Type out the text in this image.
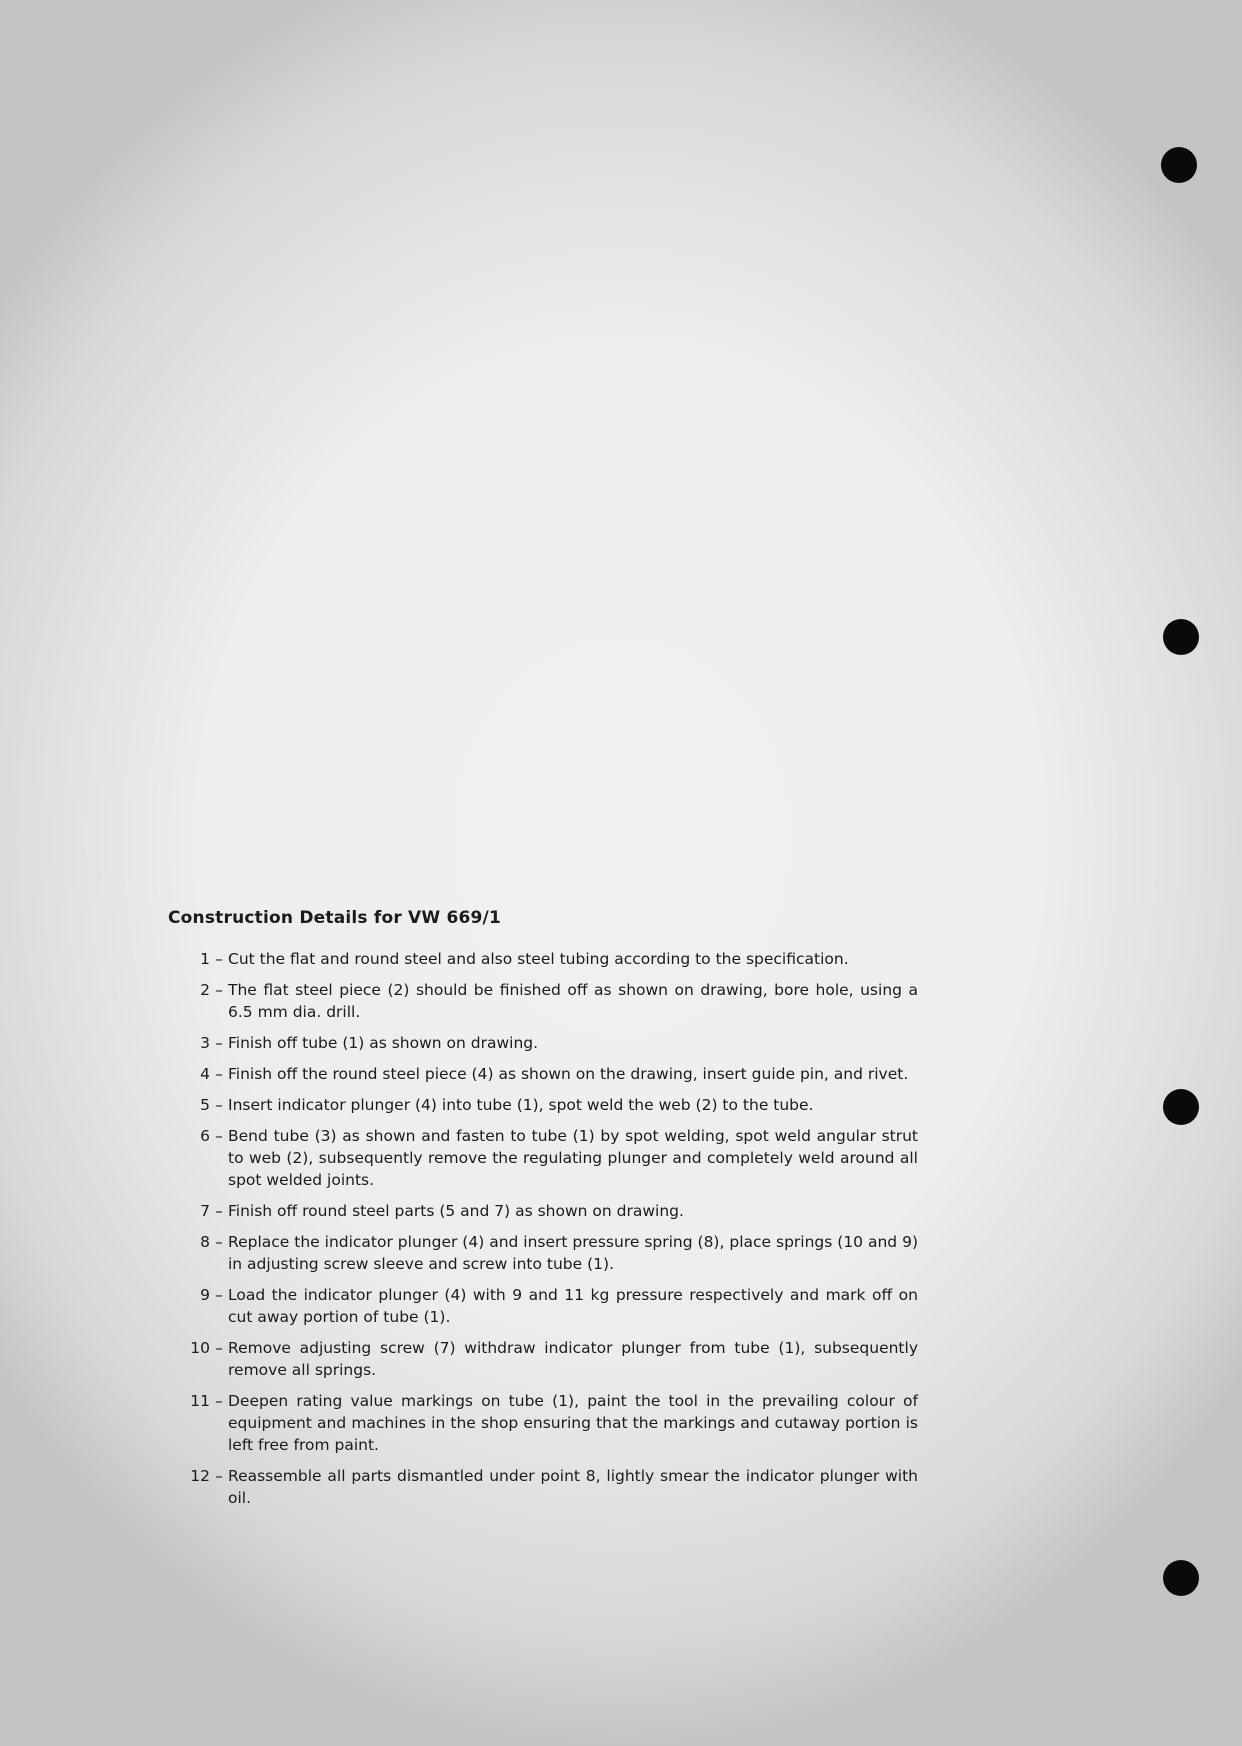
Construction Details for VW 669/1
1 – Cut the flat and round steel and also steel tubing according to the specification.
2 – The flat steel piece (2) should be finished off as shown on drawing, bore hole, using a 6.5 mm dia. drill.
3 – Finish off tube (1) as shown on drawing.
4 – Finish off the round steel piece (4) as shown on the drawing, insert guide pin, and rivet.
5 – Insert indicator plunger (4) into tube (1), spot weld the web (2) to the tube.
6 – Bend tube (3) as shown and fasten to tube (1) by spot welding, spot weld angular strut to web (2), subsequently remove the regulating plunger and completely weld around all spot welded joints.
7 – Finish off round steel parts (5 and 7) as shown on drawing.
8 – Replace the indicator plunger (4) and insert pressure spring (8), place springs (10 and 9) in adjusting screw sleeve and screw into tube (1).
9 – Load the indicator plunger (4) with 9 and 11 kg pressure respectively and mark off on cut away portion of tube (1).
10 – Remove adjusting screw (7) withdraw indicator plunger from tube (1), subsequently remove all springs.
11 – Deepen rating value markings on tube (1), paint the tool in the prevailing colour of equipment and machines in the shop ensuring that the markings and cutaway portion is left free from paint.
12 – Reassemble all parts dismantled under point 8, lightly smear the indicator plunger with oil.
